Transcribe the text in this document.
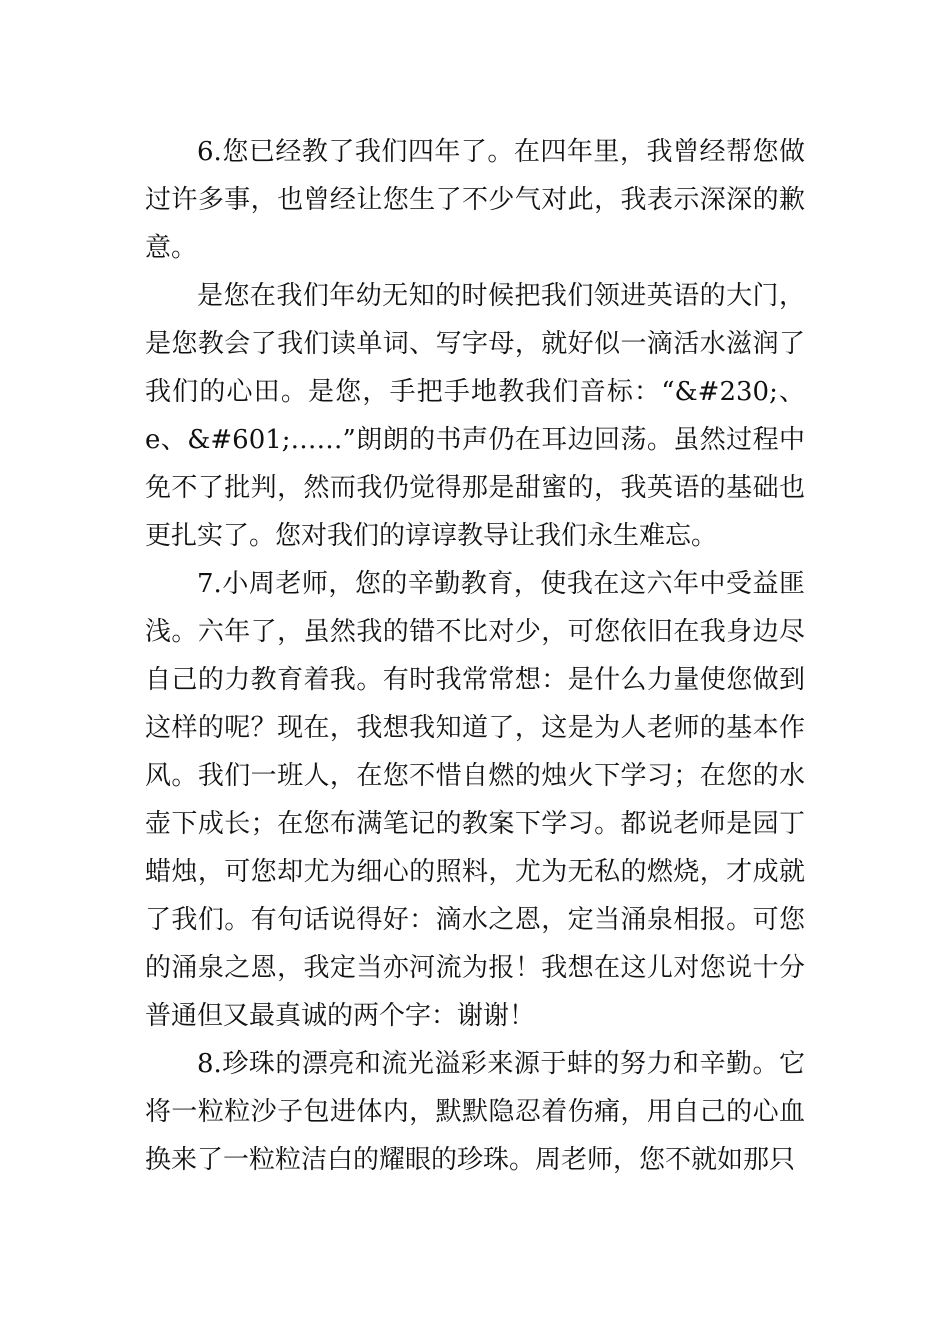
6.您已经教了我们四年了。在四年里，我曾经帮您做过许多事，也曾经让您生了不少气对此，我表示深深的歉意。

是您在我们年幼无知的时候把我们领进英语的大门，是您教会了我们读单词、写字母，就好似一滴活水滋润了我们的心田。是您，手把手地教我们音标：“&#230;、e、&#601;……”朗朗的书声仍在耳边回荡。虽然过程中免不了批判，然而我仍觉得那是甜蜜的，我英语的基础也更扎实了。您对我们的谆谆教导让我们永生难忘。

7.小周老师，您的辛勤教育，使我在这六年中受益匪浅。六年了，虽然我的错不比对少，可您依旧在我身边尽自己的力教育着我。有时我常常想：是什么力量使您做到这样的呢？现在，我想我知道了，这是为人老师的基本作风。我们一班人，在您不惜自燃的烛火下学习；在您的水壶下成长；在您布满笔记的教案下学习。都说老师是园丁蜡烛，可您却尤为细心的照料，尤为无私的燃烧，才成就了我们。有句话说得好：滴水之恩，定当涌泉相报。可您的涌泉之恩，我定当亦河流为报！我想在这儿对您说十分普通但又最真诚的两个字：谢谢！

8.珍珠的漂亮和流光溢彩来源于蚌的努力和辛勤。它将一粒粒沙子包进体内，默默隐忍着伤痛，用自己的心血换来了一粒粒洁白的耀眼的珍珠。周老师，您不就如那只
